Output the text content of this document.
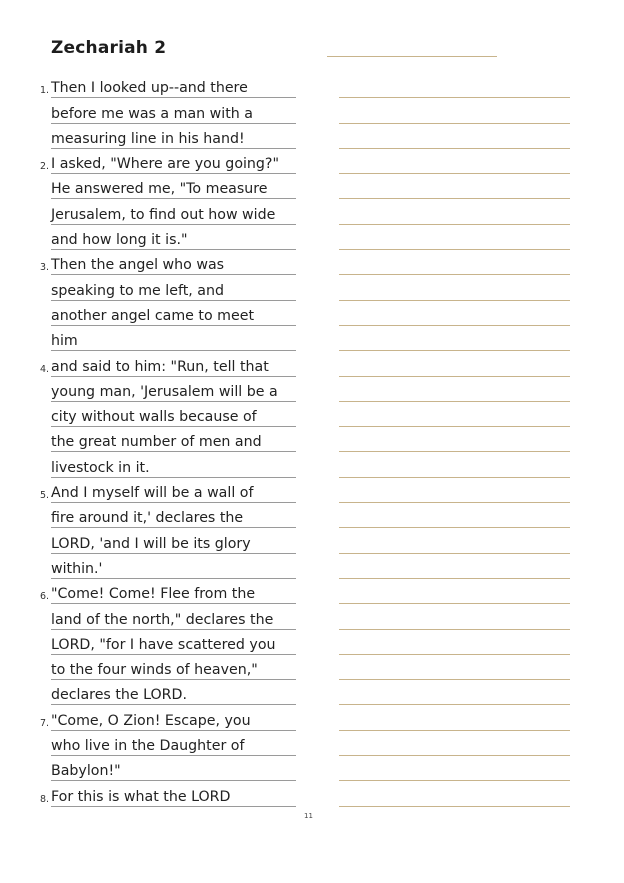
Zechariah 2
1. Then I looked up--and there
before me was a man with a
measuring line in his hand!
2. I asked, "Where are you going?"
He answered me, "To measure
Jerusalem, to find out how wide
and how long it is."
3. Then the angel who was
speaking to me left, and
another angel came to meet
him
4. and said to him: "Run, tell that
young man, 'Jerusalem will be a
city without walls because of
the great number of men and
livestock in it.
5. And I myself will be a wall of
fire around it,' declares the
LORD, 'and I will be its glory
within.'
6. "Come! Come! Flee from the
land of the north," declares the
LORD, "for I have scattered you
to the four winds of heaven,"
declares the LORD.
7. "Come, O Zion! Escape, you
who live in the Daughter of
Babylon!"
8. For this is what the LORD
11
